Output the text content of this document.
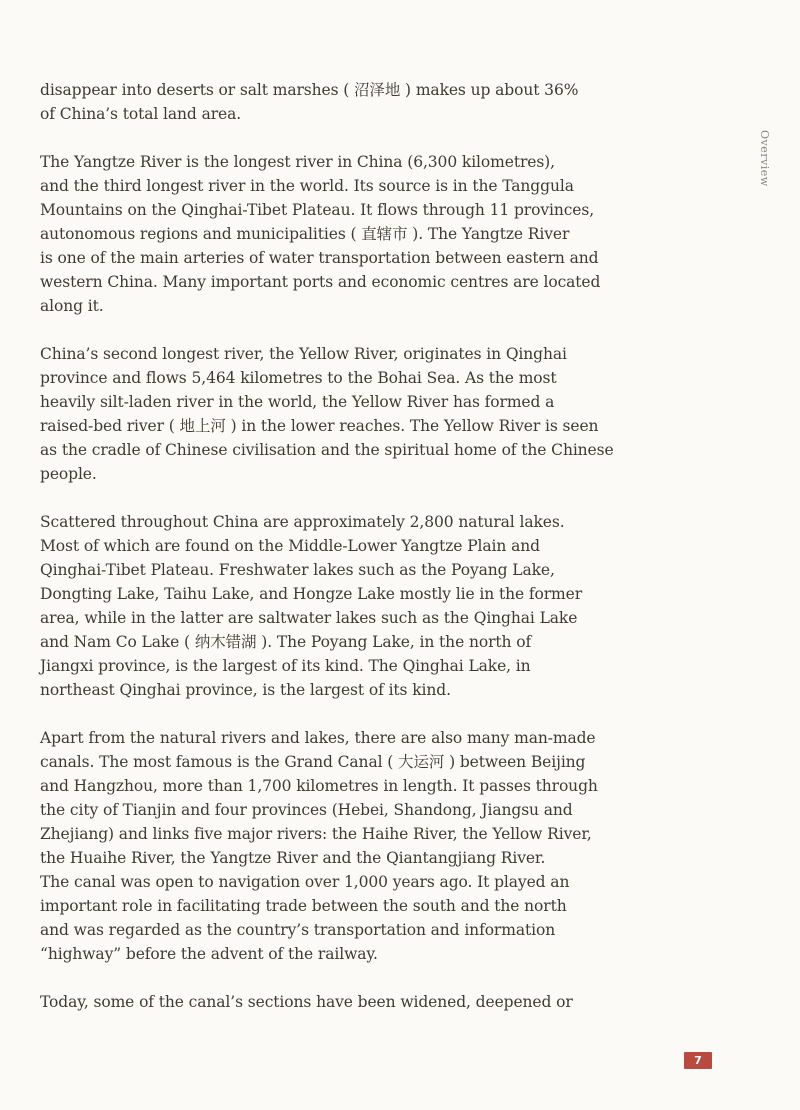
Overview

disappear into deserts or salt marshes ( 沼泽地 ) makes up about 36%
of China’s total land area.

The Yangtze River is the longest river in China (6,300 kilometres),
and the third longest river in the world. Its source is in the Tanggula
Mountains on the Qinghai-Tibet Plateau. It flows through 11 provinces,
autonomous regions and municipalities ( 直辖市 ). The Yangtze River
is one of the main arteries of water transportation between eastern and
western China. Many important ports and economic centres are located
along it.

China’s second longest river, the Yellow River, originates in Qinghai
province and flows 5,464 kilometres to the Bohai Sea. As the most
heavily silt-laden river in the world, the Yellow River has formed a
raised-bed river ( 地上河 ) in the lower reaches. The Yellow River is seen
as the cradle of Chinese civilisation and the spiritual home of the Chinese
people.

Scattered throughout China are approximately 2,800 natural lakes.
Most of which are found on the Middle-Lower Yangtze Plain and
Qinghai-Tibet Plateau. Freshwater lakes such as the Poyang Lake,
Dongting Lake, Taihu Lake, and Hongze Lake mostly lie in the former
area, while in the latter are saltwater lakes such as the Qinghai Lake
and Nam Co Lake ( 纳木错湖 ). The Poyang Lake, in the north of
Jiangxi province, is the largest of its kind. The Qinghai Lake, in
northeast Qinghai province, is the largest of its kind.

Apart from the natural rivers and lakes, there are also many man-made
canals. The most famous is the Grand Canal ( 大运河 ) between Beijing
and Hangzhou, more than 1,700 kilometres in length. It passes through
the city of Tianjin and four provinces (Hebei, Shandong, Jiangsu and
Zhejiang) and links five major rivers: the Haihe River, the Yellow River,
the Huaihe River, the Yangtze River and the Qiantangjiang River.
The canal was open to navigation over 1,000 years ago. It played an
important role in facilitating trade between the south and the north
and was regarded as the country’s transportation and information
“highway” before the advent of the railway.

Today, some of the canal’s sections have been widened, deepened or

7
